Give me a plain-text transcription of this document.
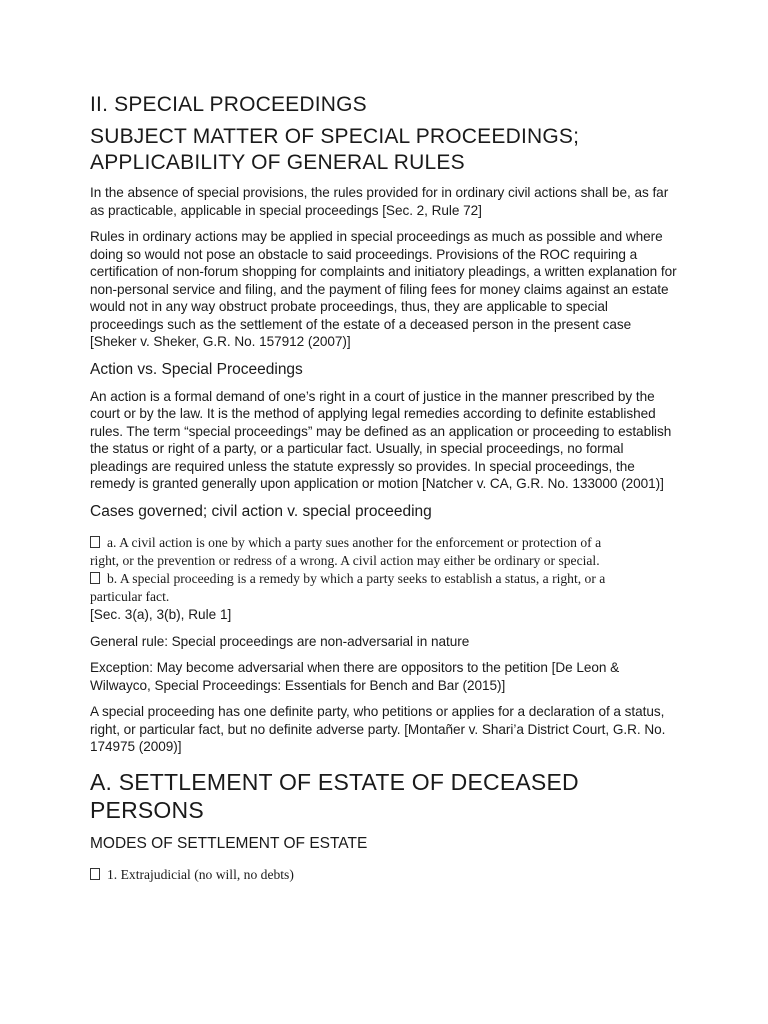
II. SPECIAL PROCEEDINGS
SUBJECT MATTER OF SPECIAL PROCEEDINGS; APPLICABILITY OF GENERAL RULES

In the absence of special provisions, the rules provided for in ordinary civil actions shall be, as far as practicable, applicable in special proceedings [Sec. 2, Rule 72]

Rules in ordinary actions may be applied in special proceedings as much as possible and where doing so would not pose an obstacle to said proceedings. Provisions of the ROC requiring a certification of non-forum shopping for complaints and initiatory pleadings, a written explanation for non-personal service and filing, and the payment of filing fees for money claims against an estate would not in any way obstruct probate proceedings, thus, they are applicable to special proceedings such as the settlement of the estate of a deceased person in the present case [Sheker v. Sheker, G.R. No. 157912 (2007)]

Action vs. Special Proceedings

An action is a formal demand of one’s right in a court of justice in the manner prescribed by the court or by the law. It is the method of applying legal remedies according to definite established rules. The term “special proceedings” may be defined as an application or proceeding to establish the status or right of a party, or a particular fact. Usually, in special proceedings, no formal pleadings are required unless the statute expressly so provides. In special proceedings, the remedy is granted generally upon application or motion [Natcher v. CA, G.R. No. 133000 (2001)]

Cases governed; civil action v. special proceeding
a. A civil action is one by which a party sues another for the enforcement or protection of a
right, or the prevention or redress of a wrong. A civil action may either be ordinary or special.
b. A special proceeding is a remedy by which a party seeks to establish a status, a right, or a
particular fact.
[Sec. 3(a), 3(b), Rule 1]

General rule: Special proceedings are non-adversarial in nature

Exception: May become adversarial when there are oppositors to the petition [De Leon & Wilwayco, Special Proceedings: Essentials for Bench and Bar (2015)]

A special proceeding has one definite party, who petitions or applies for a declaration of a status, right, or particular fact, but no definite adverse party. [Montañer v. Shari’a District Court, G.R. No. 174975 (2009)]

A. SETTLEMENT OF ESTATE OF DECEASED PERSONS
MODES OF SETTLEMENT OF ESTATE
1. Extrajudicial (no will, no debts)
